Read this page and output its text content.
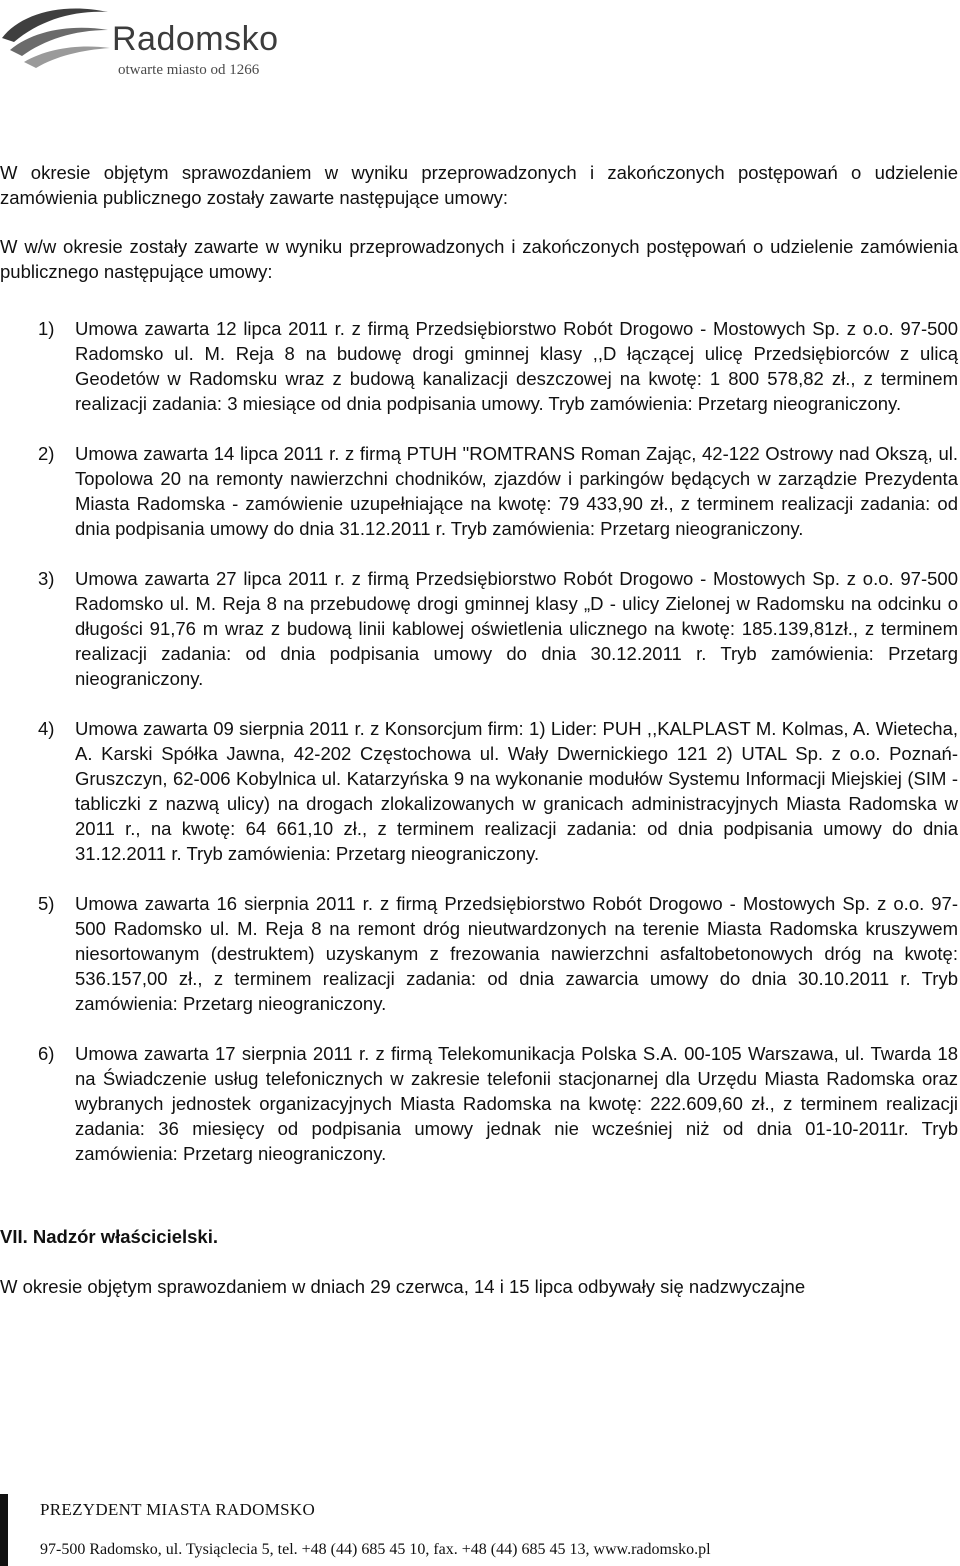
Radomsko
otwarte miasto od 1266

W okresie objętym sprawozdaniem w wyniku przeprowadzonych i zakończonych postępowań o udzielenie zamówienia publicznego zostały zawarte następujące umowy:

W w/w okresie zostały zawarte w wyniku przeprowadzonych i zakończonych postępowań o udzielenie zamówienia publicznego następujące umowy:

1) Umowa zawarta 12 lipca 2011 r. z firmą Przedsiębiorstwo Robót Drogowo - Mostowych Sp. z o.o. 97-500 Radomsko ul. M. Reja 8 na budowę drogi gminnej klasy ,,D łączącej ulicę Przedsiębiorców z ulicą Geodetów w Radomsku wraz z budową kanalizacji deszczowej na kwotę: 1 800 578,82 zł., z terminem realizacji zadania: 3 miesiące od dnia podpisania umowy. Tryb zamówienia: Przetarg nieograniczony.
2) Umowa zawarta 14 lipca 2011 r. z firmą PTUH "ROMTRANS Roman Zając, 42-122 Ostrowy nad Okszą, ul. Topolowa 20 na remonty nawierzchni chodników, zjazdów i parkingów będących w zarządzie Prezydenta Miasta Radomska - zamówienie uzupełniające na kwotę: 79 433,90 zł., z terminem realizacji zadania: od dnia podpisania umowy do dnia 31.12.2011 r. Tryb zamówienia: Przetarg nieograniczony.
3) Umowa zawarta 27 lipca 2011 r. z firmą Przedsiębiorstwo Robót Drogowo - Mostowych Sp. z o.o. 97-500 Radomsko ul. M. Reja 8 na przebudowę drogi gminnej klasy „D - ulicy Zielonej w Radomsku na odcinku o długości 91,76 m wraz z budową linii kablowej oświetlenia ulicznego na kwotę: 185.139,81zł., z terminem realizacji zadania: od dnia podpisania umowy do dnia 30.12.2011 r. Tryb zamówienia: Przetarg nieograniczony.
4) Umowa zawarta 09 sierpnia 2011 r. z Konsorcjum firm: 1) Lider: PUH ,,KALPLAST M. Kolmas, A. Wietecha, A. Karski Spółka Jawna, 42-202 Częstochowa ul. Wały Dwernickiego 121 2) UTAL Sp. z o.o. Poznań-Gruszczyn, 62-006 Kobylnica ul. Katarzyńska 9 na wykonanie modułów Systemu Informacji Miejskiej (SIM - tabliczki z nazwą ulicy) na drogach zlokalizowanych w granicach administracyjnych Miasta Radomska w 2011 r., na kwotę: 64 661,10 zł., z terminem realizacji zadania: od dnia podpisania umowy do dnia 31.12.2011 r. Tryb zamówienia: Przetarg nieograniczony.
5) Umowa zawarta 16 sierpnia 2011 r. z firmą Przedsiębiorstwo Robót Drogowo - Mostowych Sp. z o.o. 97-500 Radomsko ul. M. Reja 8 na remont dróg nieutwardzonych na terenie Miasta Radomska kruszywem niesortowanym (destruktem) uzyskanym z frezowania nawierzchni asfaltobetonowych dróg na kwotę: 536.157,00 zł., z terminem realizacji zadania: od dnia zawarcia umowy do dnia 30.10.2011 r. Tryb zamówienia: Przetarg nieograniczony.
6) Umowa zawarta 17 sierpnia 2011 r. z firmą Telekomunikacja Polska S.A. 00-105 Warszawa, ul. Twarda 18 na Świadczenie usług telefonicznych w zakresie telefonii stacjonarnej dla Urzędu Miasta Radomska oraz wybranych jednostek organizacyjnych Miasta Radomska na kwotę: 222.609,60 zł., z terminem realizacji zadania: 36 miesięcy od podpisania umowy jednak nie wcześniej niż od dnia 01-10-2011r. Tryb zamówienia: Przetarg nieograniczony.

VII. Nadzór właścicielski.

W okresie objętym sprawozdaniem w dniach 29 czerwca, 14 i 15 lipca odbywały się nadzwyczajne

PREZYDENT MIASTA RADOMSKO
97-500 Radomsko, ul. Tysiąclecia 5, tel. +48 (44) 685 45 10, fax. +48 (44) 685 45 13, www.radomsko.pl
